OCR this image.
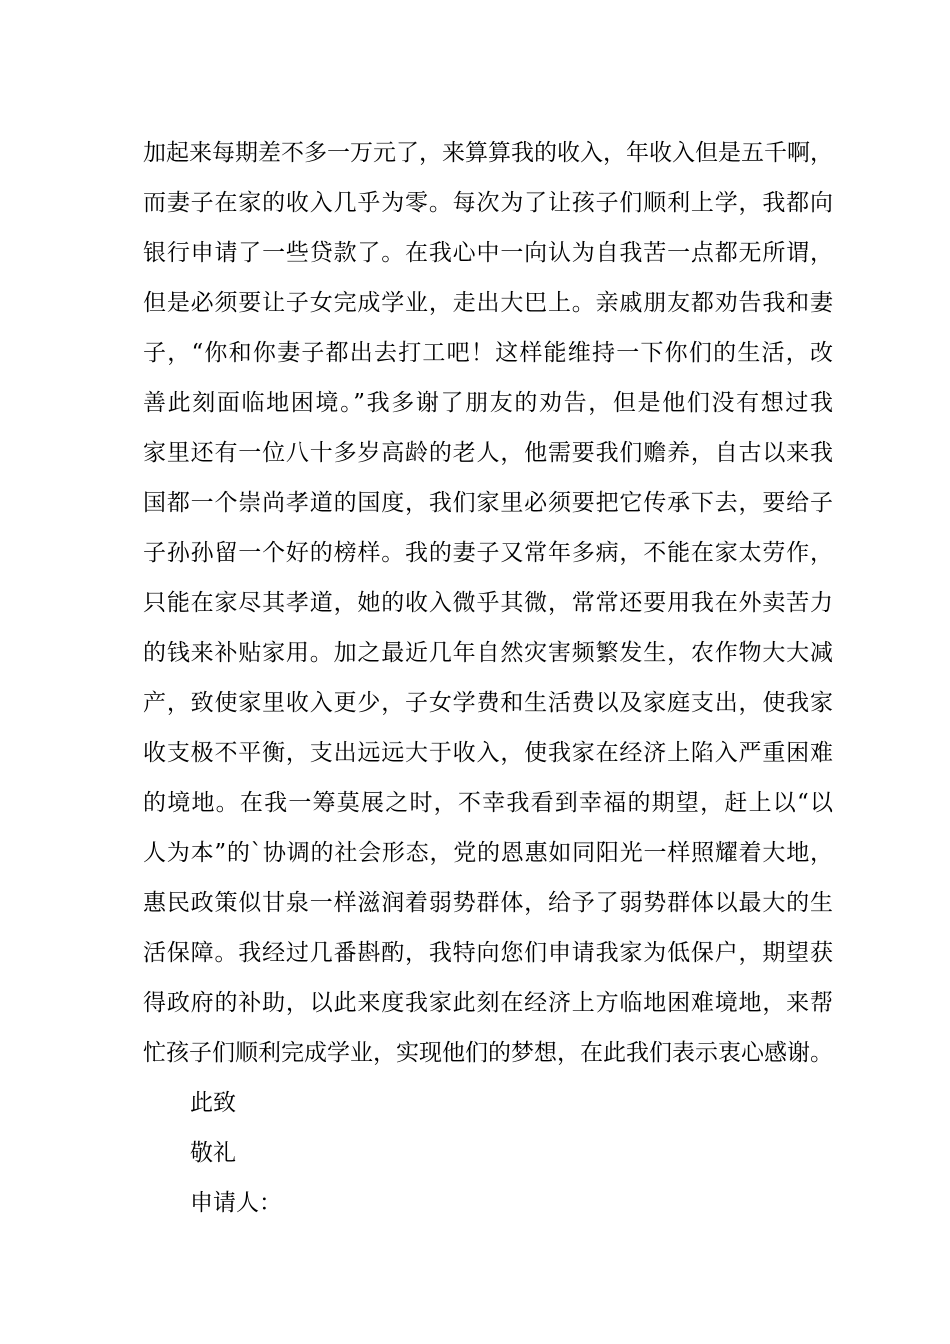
加起来每期差不多一万元了，来算算我的收入，年收入但是五千啊，
而妻子在家的收入几乎为零。每次为了让孩子们顺利上学，我都向
银行申请了一些贷款了。在我心中一向认为自我苦一点都无所谓，
但是必须要让子女完成学业，走出大巴上。亲戚朋友都劝告我和妻
子，“你和你妻子都出去打工吧！这样能维持一下你们的生活，改
善此刻面临地困境。”我多谢了朋友的劝告，但是他们没有想过我
家里还有一位八十多岁高龄的老人，他需要我们赡养，自古以来我
国都一个崇尚孝道的国度，我们家里必须要把它传承下去，要给子
子孙孙留一个好的榜样。我的妻子又常年多病，不能在家太劳作，
只能在家尽其孝道，她的收入微乎其微，常常还要用我在外卖苦力
的钱来补贴家用。加之最近几年自然灾害频繁发生，农作物大大减
产，致使家里收入更少，子女学费和生活费以及家庭支出，使我家
收支极不平衡，支出远远大于收入，使我家在经济上陷入严重困难
的境地。在我一筹莫展之时，不幸我看到幸福的期望，赶上以“以
人为本”的`协调的社会形态，党的恩惠如同阳光一样照耀着大地，
惠民政策似甘泉一样滋润着弱势群体，给予了弱势群体以最大的生
活保障。我经过几番斟酌，我特向您们申请我家为低保户，期望获
得政府的补助，以此来度我家此刻在经济上方临地困难境地，来帮
忙孩子们顺利完成学业，实现他们的梦想，在此我们表示衷心感谢。
此致
敬礼
申请人：
